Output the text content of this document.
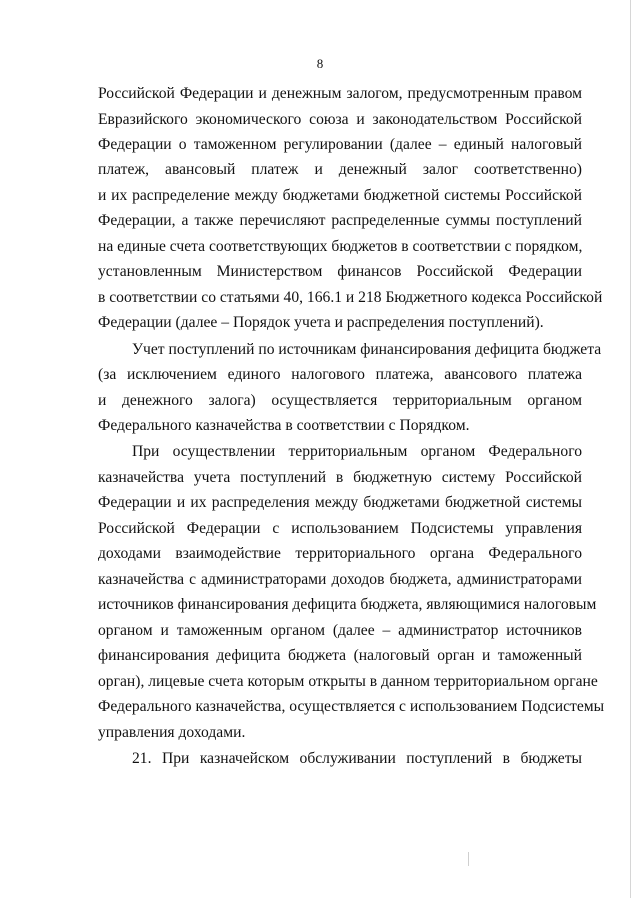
8
Российской Федерации и денежным залогом, предусмотренным правом
Евразийского экономического союза и законодательством Российской
Федерации о таможенном регулировании (далее – единый налоговый
платеж, авансовый платеж и денежный залог соответственно)
и их распределение между бюджетами бюджетной системы Российской
Федерации, а также перечисляют распределенные суммы поступлений
на единые счета соответствующих бюджетов в соответствии с порядком,
установленным Министерством финансов Российской Федерации
в соответствии со статьями 40, 166.1 и 218 Бюджетного кодекса Российской
Федерации (далее – Порядок учета и распределения поступлений).
Учет поступлений по источникам финансирования дефицита бюджета
(за исключением единого налогового платежа, авансового платежа
и денежного залога) осуществляется территориальным органом
Федерального казначейства в соответствии с Порядком.
При осуществлении территориальным органом Федерального
казначейства учета поступлений в бюджетную систему Российской
Федерации и их распределения между бюджетами бюджетной системы
Российской Федерации с использованием Подсистемы управления
доходами взаимодействие территориального органа Федерального
казначейства с администраторами доходов бюджета, администраторами
источников финансирования дефицита бюджета, являющимися налоговым
органом и таможенным органом (далее – администратор источников
финансирования дефицита бюджета (налоговый орган и таможенный
орган), лицевые счета которым открыты в данном территориальном органе
Федерального казначейства, осуществляется с использованием Подсистемы
управления доходами.
21. При казначейском обслуживании поступлений в бюджеты
